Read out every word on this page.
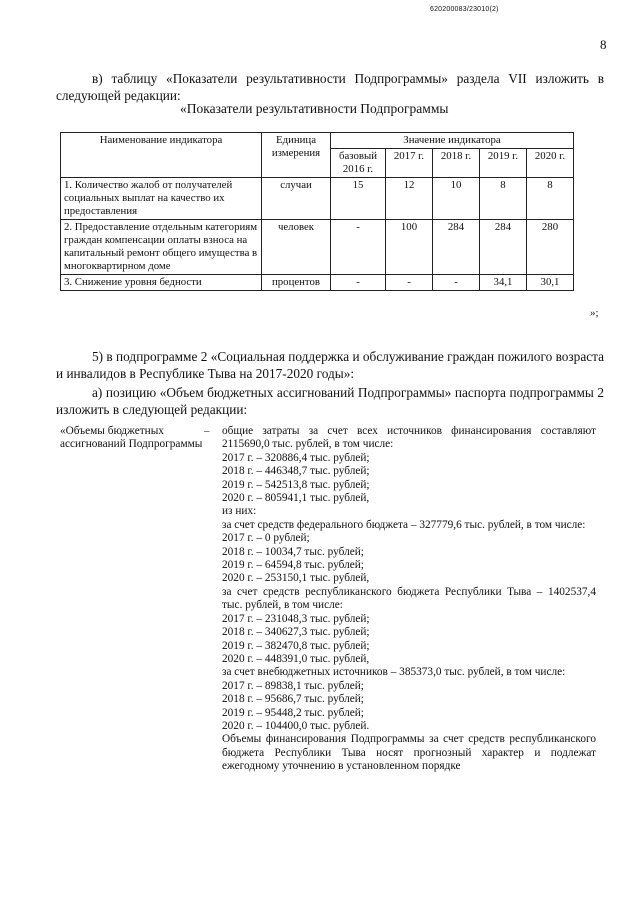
620200083/23010(2)
8
в) таблицу «Показатели результативности Подпрограммы» раздела VII изложить в следующей редакции:
«Показатели результативности Подпрограммы
Наименование индикатора	Единица измерения	Значение индикатора				
		базовый 2016 г.	2017 г.	2018 г.	2019 г.	2020 г.
1. Количество жалоб от получателей социальных выплат на качество их предоставления	случаи	15	12	10	8	8
2. Предоставление отдельным категориям граждан компенсации оплаты взноса на капитальный ремонт общего имущества в многоквартирном доме	человек	-	100	284	284	280
3. Снижение уровня бедности	процентов	-	-	-	34,1	30,1
»;
5) в подпрограмме 2 «Социальная поддержка и обслуживание граждан пожилого возраста и инвалидов в Республике Тыва на 2017-2020 годы»:
а) позицию «Объем бюджетных ассигнований Подпрограммы» паспорта подпрограммы 2 изложить в следующей редакции:
«Объемы бюджетных ассигнований Подпрограммы
– общие затраты за счет всех источников финансирования составляют 2115690,0 тыс. рублей, в том числе:
2017 г. – 320886,4 тыс. рублей;
2018 г. – 446348,7 тыс. рублей;
2019 г. – 542513,8 тыс. рублей;
2020 г. – 805941,1 тыс. рублей,
из них:
за счет средств федерального бюджета – 327779,6 тыс. рублей, в том числе:
2017 г. – 0 рублей;
2018 г. – 10034,7 тыс. рублей;
2019 г. – 64594,8 тыс. рублей;
2020 г. – 253150,1 тыс. рублей,
за счет средств республиканского бюджета Республики Тыва – 1402537,4 тыс. рублей, в том числе:
2017 г. – 231048,3 тыс. рублей;
2018 г. – 340627,3 тыс. рублей;
2019 г. – 382470,8 тыс. рублей;
2020 г. – 448391,0 тыс. рублей,
за счет внебюджетных источников – 385373,0 тыс. рублей, в том числе:
2017 г. – 89838,1 тыс. рублей;
2018 г. – 95686,7 тыс. рублей;
2019 г. – 95448,2 тыс. рублей;
2020 г. – 104400,0 тыс. рублей.
Объемы финансирования Подпрограммы за счет средств республиканского бюджета Республики Тыва носят прогнозный характер и подлежат ежегодному уточнению в установленном порядке
